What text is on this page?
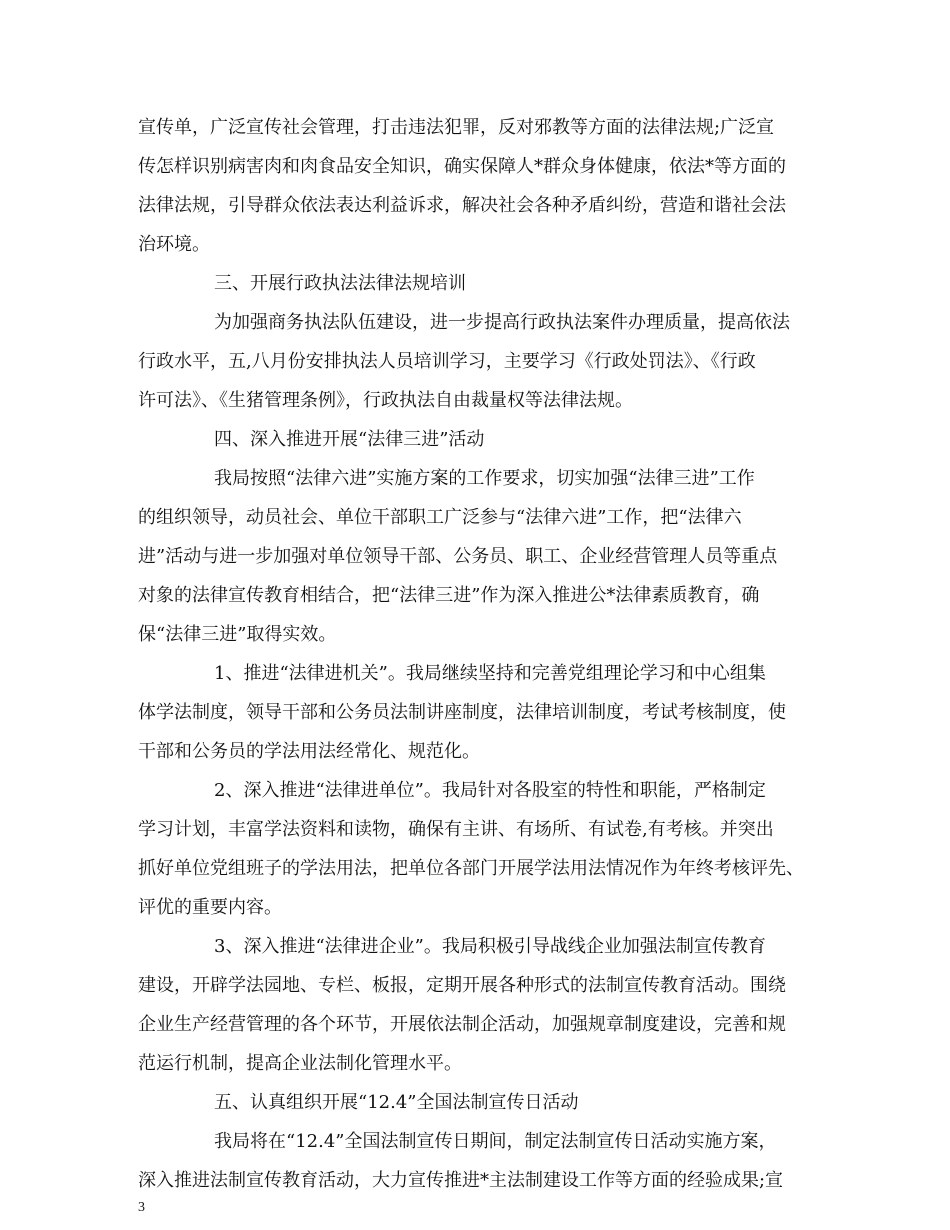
宣传单，广泛宣传社会管理，打击违法犯罪，反对邪教等方面的法律法规;广泛宣
传怎样识别病害肉和肉食品安全知识，确实保障人*群众身体健康，依法*等方面的
法律法规，引导群众依法表达利益诉求，解决社会各种矛盾纠纷，营造和谐社会法
治环境。
三、开展行政执法法律法规培训
为加强商务执法队伍建设，进一步提高行政执法案件办理质量，提高依法
行政水平，五,八月份安排执法人员培训学习，主要学习《行政处罚法》、《行政
许可法》、《生猪管理条例》，行政执法自由裁量权等法律法规。
四、深入推进开展“法律三进”活动
我局按照“法律六进”实施方案的工作要求，切实加强“法律三进”工作
的组织领导，动员社会、单位干部职工广泛参与“法律六进”工作，把“法律六
进”活动与进一步加强对单位领导干部、公务员、职工、企业经营管理人员等重点
对象的法律宣传教育相结合，把“法律三进”作为深入推进公*法律素质教育，确
保“法律三进”取得实效。
1、推进“法律进机关”。我局继续坚持和完善党组理论学习和中心组集
体学法制度，领导干部和公务员法制讲座制度，法律培训制度，考试考核制度，使
干部和公务员的学法用法经常化、规范化。
2、深入推进“法律进单位”。我局针对各股室的特性和职能，严格制定
学习计划，丰富学法资料和读物，确保有主讲、有场所、有试卷,有考核。并突出
抓好单位党组班子的学法用法，把单位各部门开展学法用法情况作为年终考核评先、
评优的重要内容。
3、深入推进“法律进企业”。我局积极引导战线企业加强法制宣传教育
建设，开辟学法园地、专栏、板报，定期开展各种形式的法制宣传教育活动。围绕
企业生产经营管理的各个环节，开展依法制企活动，加强规章制度建设，完善和规
范运行机制，提高企业法制化管理水平。
五、认真组织开展“12.4”全国法制宣传日活动
我局将在“12.4”全国法制宣传日期间，制定法制宣传日活动实施方案，
深入推进法制宣传教育活动，大力宣传推进*主法制建设工作等方面的经验成果;宣
3
